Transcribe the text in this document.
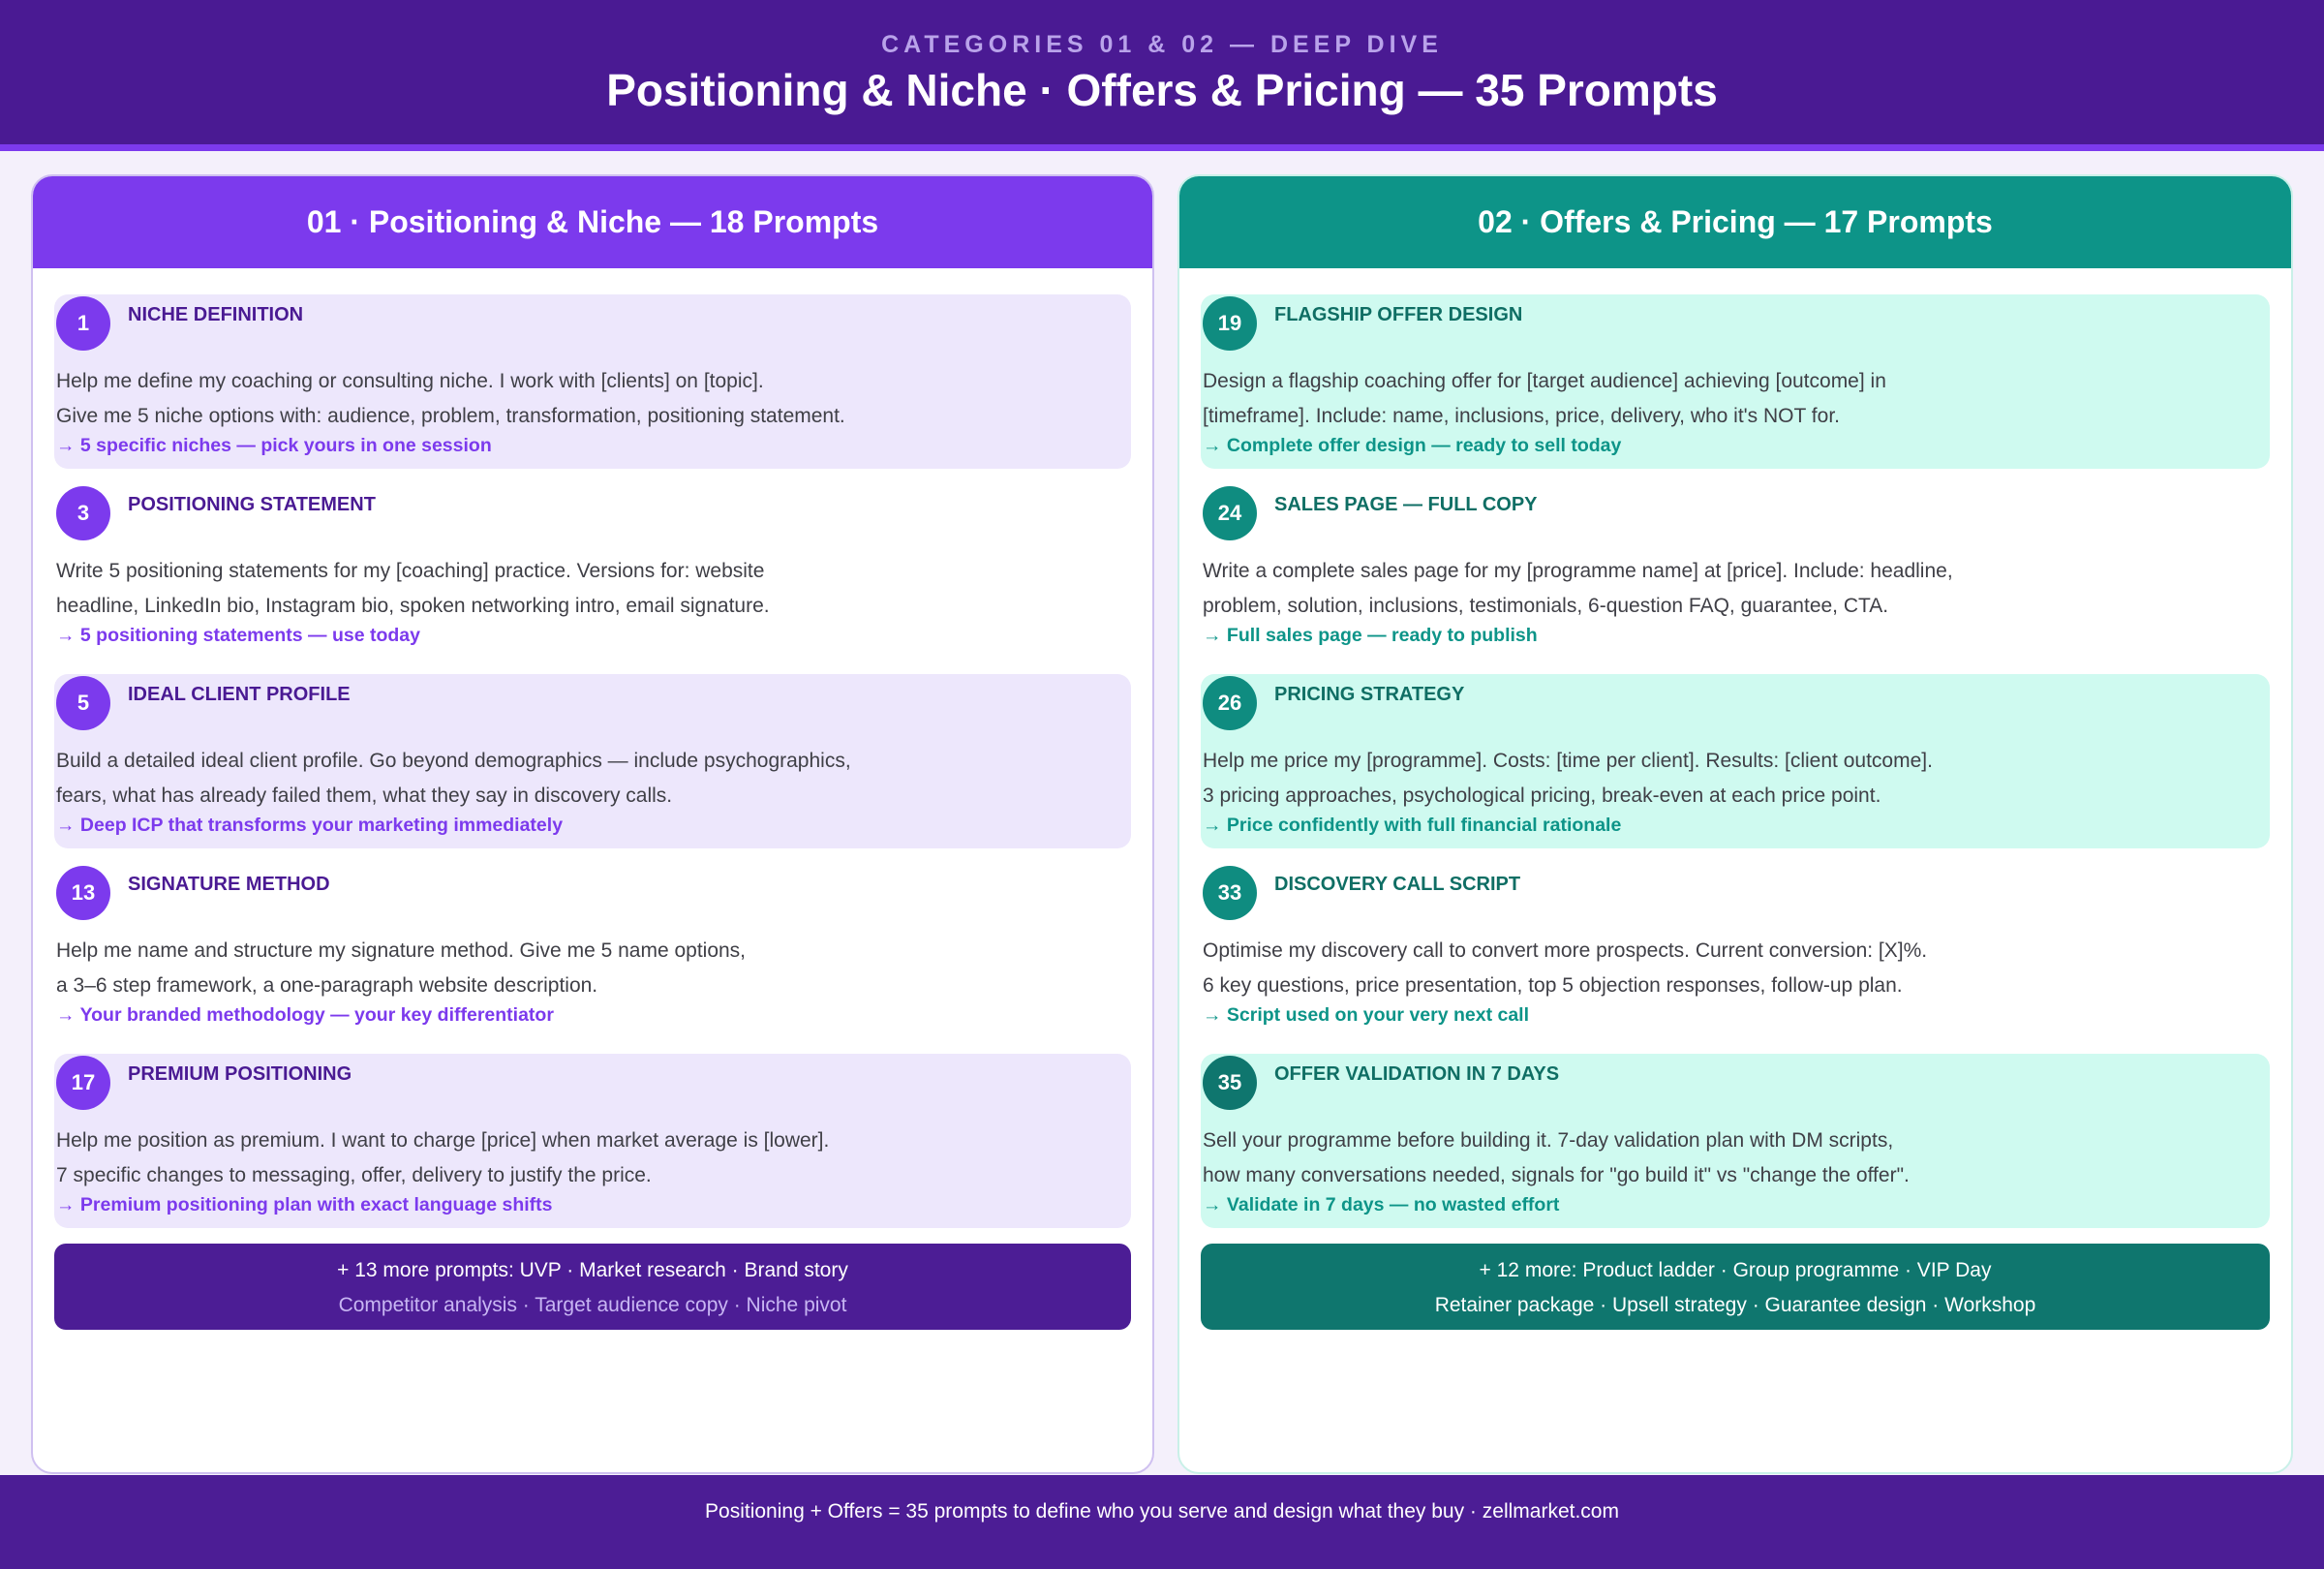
CATEGORIES 01 & 02 — DEEP DIVE
Positioning & Niche · Offers & Pricing — 35 Prompts
01 · Positioning & Niche — 18 Prompts
1	NICHE DEFINITION
Help me define my coaching or consulting niche. I work with [clients] on [topic].
Give me 5 niche options with: audience, problem, transformation, positioning statement.
→ 5 specific niches — pick yours in one session
3	POSITIONING STATEMENT
Write 5 positioning statements for my [coaching] practice. Versions for: website
headline, LinkedIn bio, Instagram bio, spoken networking intro, email signature.
→ 5 positioning statements — use today
5	IDEAL CLIENT PROFILE
Build a detailed ideal client profile. Go beyond demographics — include psychographics,
fears, what has already failed them, what they say in discovery calls.
→ Deep ICP that transforms your marketing immediately
13	SIGNATURE METHOD
Help me name and structure my signature method. Give me 5 name options,
a 3–6 step framework, a one-paragraph website description.
→ Your branded methodology — your key differentiator
17	PREMIUM POSITIONING
Help me position as premium. I want to charge [price] when market average is [lower].
7 specific changes to messaging, offer, delivery to justify the price.
→ Premium positioning plan with exact language shifts
+ 13 more prompts: UVP · Market research · Brand story
Competitor analysis · Target audience copy · Niche pivot
02 · Offers & Pricing — 17 Prompts
19	FLAGSHIP OFFER DESIGN
Design a flagship coaching offer for [target audience] achieving [outcome] in
[timeframe]. Include: name, inclusions, price, delivery, who it's NOT for.
→ Complete offer design — ready to sell today
24	SALES PAGE — FULL COPY
Write a complete sales page for my [programme name] at [price]. Include: headline,
problem, solution, inclusions, testimonials, 6-question FAQ, guarantee, CTA.
→ Full sales page — ready to publish
26	PRICING STRATEGY
Help me price my [programme]. Costs: [time per client]. Results: [client outcome].
3 pricing approaches, psychological pricing, break-even at each price point.
→ Price confidently with full financial rationale
33	DISCOVERY CALL SCRIPT
Optimise my discovery call to convert more prospects. Current conversion: [X]%.
6 key questions, price presentation, top 5 objection responses, follow-up plan.
→ Script used on your very next call
35	OFFER VALIDATION IN 7 DAYS
Sell your programme before building it. 7-day validation plan with DM scripts,
how many conversations needed, signals for "go build it" vs "change the offer".
→ Validate in 7 days — no wasted effort
+ 12 more: Product ladder · Group programme · VIP Day
Retainer package · Upsell strategy · Guarantee design · Workshop
Positioning + Offers = 35 prompts to define who you serve and design what they buy · zellmarket.com
